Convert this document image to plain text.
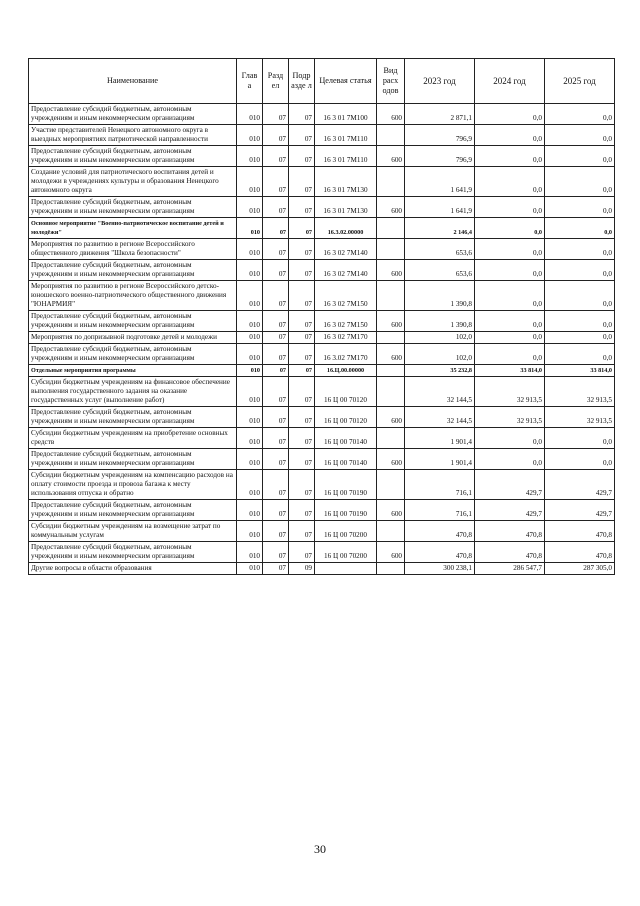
Наименование	Глав а	Разд ел	Подр азде л	Целевая статья	Вид расх одов	2023 год	2024 год	2025 год
Предоставление субсидий бюджетным, автономным учреждениям и иным некоммерческим организациям	010	07	07	16 3 01 7М100	600	2 871,1	0,0	0,0
Участие представителей Ненецкого автономного округа в выездных мероприятиях патриотической направленности	010	07	07	16 3 01 7М110		796,9	0,0	0,0
Предоставление субсидий бюджетным, автономным учреждениям и иным некоммерческим организациям	010	07	07	16 3 01 7М110	600	796,9	0,0	0,0
Создание условий для патриотического воспитания детей и молодежи в учреждениях культуры и образования Ненецкого автономного округа	010	07	07	16 3 01 7М130		1 641,9	0,0	0,0
Предоставление субсидий бюджетным, автономным учреждениям и иным некоммерческим организациям	010	07	07	16 3 01 7М130	600	1 641,9	0,0	0,0
Основное мероприятие "Военно-патриотическое воспитание детей и молодёжи"	010	07	07	16.3.02.00000		2 146,4	0,0	0,0
Мероприятия по развитию в регионе Всероссийского общественного движения "Школа безопасности"	010	07	07	16 3 02 7М140		653,6	0,0	0,0
Предоставление субсидий бюджетным, автономным учреждениям и иным некоммерческим организациям	010	07	07	16 3 02 7М140	600	653,6	0,0	0,0
Мероприятия по развитию в регионе Всероссийского детско-юношеского военно-патриотического общественного движения "ЮНАРМИЯ"	010	07	07	16 3 02 7М150		1 390,8	0,0	0,0
Предоставление субсидий бюджетным, автономным учреждениям и иным некоммерческим организациям	010	07	07	16 3 02 7М150	600	1 390,8	0,0	0,0
Мероприятия по допризывной подготовке детей и молодежи	010	07	07	16 3 02 7М170		102,0	0,0	0,0
Предоставление субсидий бюджетным, автономным учреждениям и иным некоммерческим организациям	010	07	07	16 3.02 7М170	600	102,0	0,0	0,0
Отдельные мероприятия программы	010	07	07	16.Ц.00.00000		35 232,8	33 814,0	33 814,0
Субсидии бюджетным учреждениям на финансовое обеспечение выполнения государственного задания на оказание государственных услуг (выполнение работ)	010	07	07	16 Ц 00 70120		32 144,5	32 913,5	32 913,5
Предоставление субсидий бюджетным, автономным учреждениям и иным некоммерческим организациям	010	07	07	16 Ц 00 70120	600	32 144,5	32 913,5	32 913,5
Субсидии бюджетным учреждениям на приобретение основных средств	010	07	07	16 Ц 00 70140		1 901,4	0,0	0,0
Предоставление субсидий бюджетным, автономным учреждениям и иным некоммерческим организациям	010	07	07	16 Ц 00 70140	600	1 901,4	0,0	0,0
Субсидии бюджетным учреждениям на компенсацию расходов на оплату стоимости проезда и провоза багажа к месту использования отпуска и обратно	010	07	07	16 Ц 00 70190		716,1	429,7	429,7
Предоставление субсидий бюджетным, автономным учреждениям и иным некоммерческим организациям	010	07	07	16 Ц 00 70190	600	716,1	429,7	429,7
Субсидии бюджетным учреждениям на возмещение затрат по коммунальным услугам	010	07	07	16 Ц 00 70200		470,8	470,8	470,8
Предоставление субсидий бюджетным, автономным учреждениям и иным некоммерческим организациям	010	07	07	16 Ц 00 70200	600	470,8	470,8	470,8
Другие вопросы в области образования	010	07	09			300 238,1	286 547,7	287 305,0
30
